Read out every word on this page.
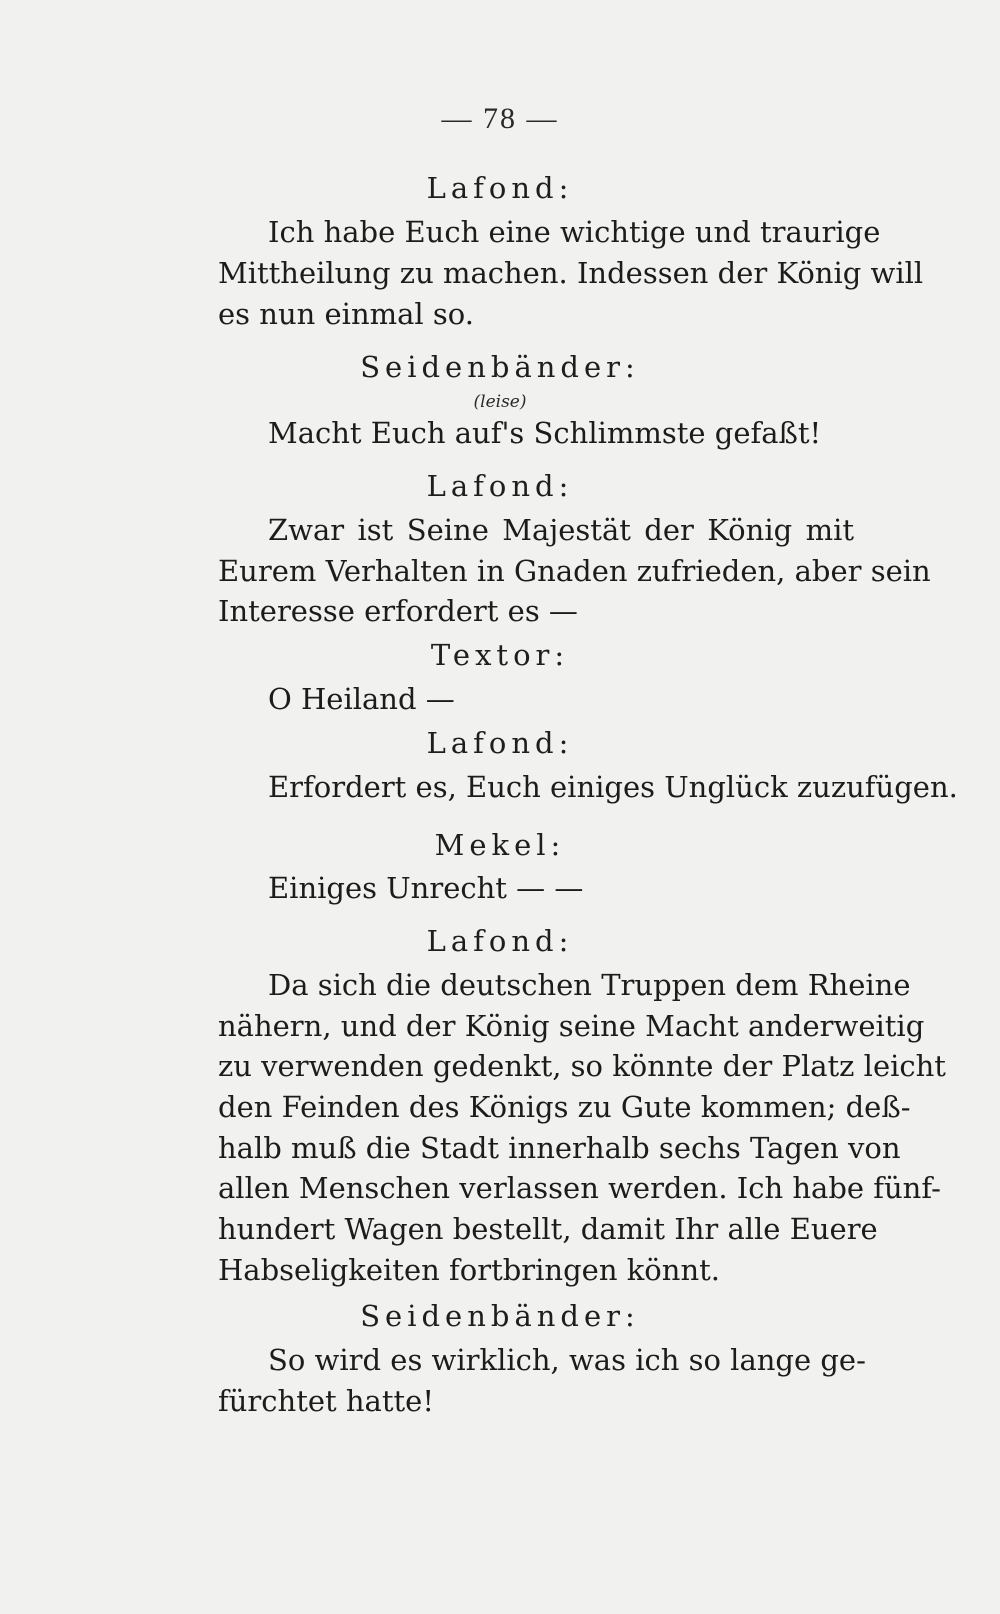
— 78 —
Lafond:
Ich habe Euch eine wichtige und traurige
Mittheilung zu machen. Indessen der König will
es nun einmal so.
Seidenbänder:
(leise)
Macht Euch auf's Schlimmste gefaßt!
Lafond:
Zwar ist Seine Majestät der König mit
Eurem Verhalten in Gnaden zufrieden, aber sein
Interesse erfordert es —
Textor:
O Heiland —
Lafond:
Erfordert es, Euch einiges Unglück zuzufügen.
Mekel:
Einiges Unrecht — —
Lafond:
Da sich die deutschen Truppen dem Rheine
nähern, und der König seine Macht anderweitig
zu verwenden gedenkt, so könnte der Platz leicht
den Feinden des Königs zu Gute kommen; deß-
halb muß die Stadt innerhalb sechs Tagen von
allen Menschen verlassen werden. Ich habe fünf-
hundert Wagen bestellt, damit Ihr alle Euere
Habseligkeiten fortbringen könnt.
Seidenbänder:
So wird es wirklich, was ich so lange ge-
fürchtet hatte!
